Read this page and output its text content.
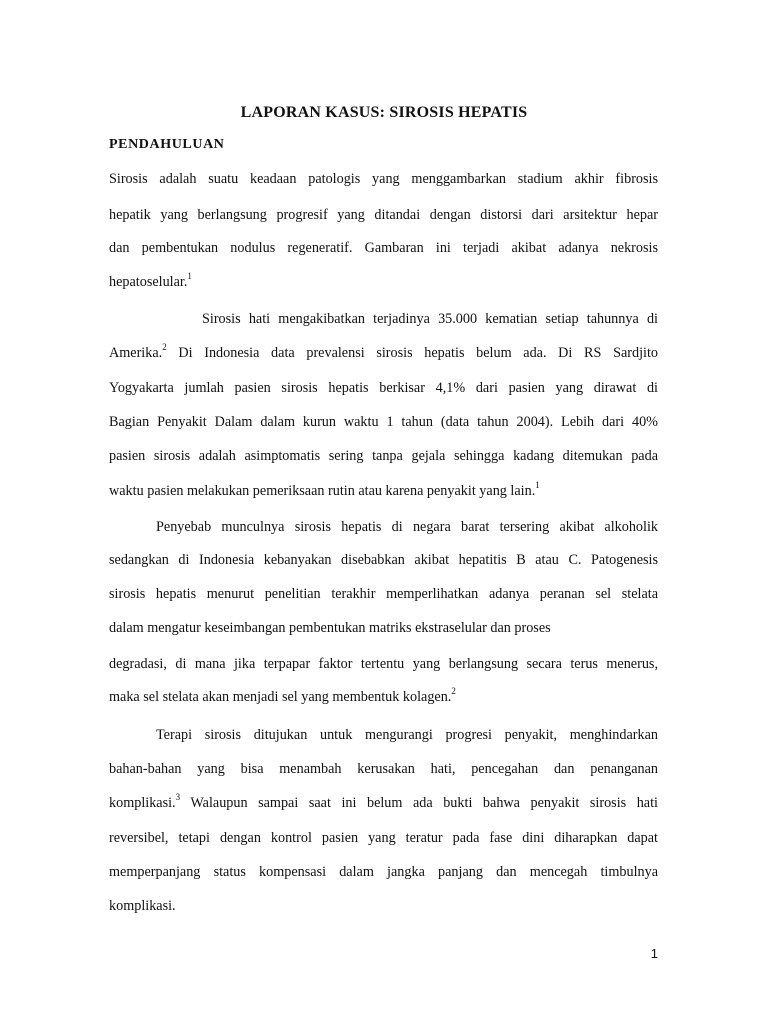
LAPORAN KASUS: SIROSIS HEPATIS
PENDAHULUAN
Sirosis adalah suatu keadaan patologis yang menggambarkan stadium akhir fibrosis
hepatik yang berlangsung progresif yang ditandai dengan distorsi dari arsitektur hepar
dan pembentukan nodulus regeneratif. Gambaran ini terjadi akibat adanya nekrosis
hepatoselular.$^1$
Sirosis hati mengakibatkan terjadinya 35.000 kematian setiap tahunnya di
Amerika.$^2$ Di Indonesia data prevalensi sirosis hepatis belum ada. Di RS Sardjito
Yogyakarta jumlah pasien sirosis hepatis berkisar 4,1% dari pasien yang dirawat di
Bagian Penyakit Dalam dalam kurun waktu 1 tahun (data tahun 2004). Lebih dari 40%
pasien sirosis adalah asimptomatis sering tanpa gejala sehingga kadang ditemukan pada
waktu pasien melakukan pemeriksaan rutin atau karena penyakit yang lain.$^1$
Penyebab munculnya sirosis hepatis di negara barat tersering akibat alkoholik
sedangkan di Indonesia kebanyakan disebabkan akibat hepatitis B atau C. Patogenesis
sirosis hepatis menurut penelitian terakhir memperlihatkan adanya peranan sel stelata
dalam mengatur keseimbangan pembentukan matriks ekstraselular dan proses
degradasi, di mana jika terpapar faktor tertentu yang berlangsung secara terus menerus,
maka sel stelata akan menjadi sel yang membentuk kolagen.$^2$
Terapi sirosis ditujukan untuk mengurangi progresi penyakit, menghindarkan
bahan-bahan yang bisa menambah kerusakan hati, pencegahan dan penanganan
komplikasi.$^3$ Walaupun sampai saat ini belum ada bukti bahwa penyakit sirosis hati
reversibel, tetapi dengan kontrol pasien yang teratur pada fase dini diharapkan dapat
memperpanjang status kompensasi dalam jangka panjang dan mencegah timbulnya
komplikasi.
1
